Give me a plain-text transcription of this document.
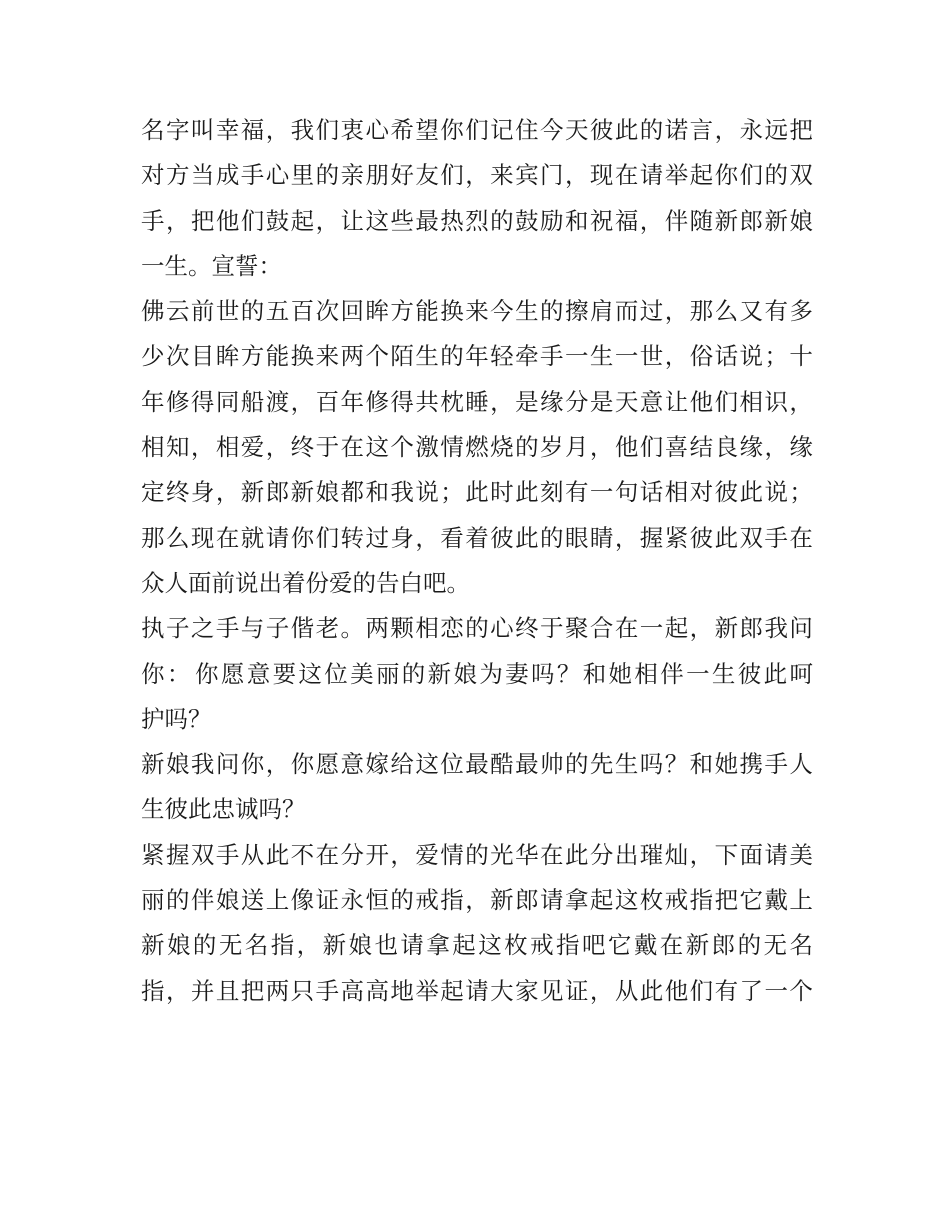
名 字 叫 幸 福 ， 我 们 衷 心 希 望 你 们 记 住 今 天 彼 此 的 诺 言 ， 永 远 把
对 方 当 成 手 心 里 的 亲 朋 好 友 们 ， 来 宾 门 ， 现 在 请 举 起 你 们 的 双
手 ， 把 他 们 鼓 起 ， 让 这 些 最 热 烈 的 鼓 励 和 祝 福 ， 伴 随 新 郎 新 娘
一生。宣誓：
佛 云 前 世 的 五 百 次 回 眸 方 能 换 来 今 生 的 擦 肩 而 过 ， 那 么 又 有 多
少 次 目 眸 方 能 换 来 两 个 陌 生 的 年 轻 牵 手 一 生 一 世 ， 俗 话 说 ； 十
年 修 得 同 船 渡 ， 百 年 修 得 共 枕 睡 ， 是 缘 分 是 天 意 让 他 们 相 识 ，
相 知 ， 相 爱 ， 终 于 在 这 个 激 情 燃 烧 的 岁 月 ， 他 们 喜 结 良 缘 ， 缘
定 终 身 ， 新 郎 新 娘 都 和 我 说 ； 此 时 此 刻 有 一 句 话 相 对 彼 此 说 ；
那 么 现 在 就 请 你 们 转 过 身 ， 看 着 彼 此 的 眼 睛 ， 握 紧 彼 此 双 手 在
众人面前说出着份爱的告白吧。
执 子 之 手 与 子 偕 老 。 两 颗 相 恋 的 心 终 于 聚 合 在 一 起 ， 新 郎 我 问
你 ： 你 愿 意 要 这 位 美 丽 的 新 娘 为 妻 吗 ？ 和 她 相 伴 一 生 彼 此 呵
护吗？
新 娘 我 问 你 ， 你 愿 意 嫁 给 这 位 最 酷 最 帅 的 先 生 吗 ？ 和 她 携 手 人
生彼此忠诚吗？
紧 握 双 手 从 此 不 在 分 开 ， 爱 情 的 光 华 在 此 分 出 璀 灿 ， 下 面 请 美
丽 的 伴 娘 送 上 像 证 永 恒 的 戒 指 ， 新 郎 请 拿 起 这 枚 戒 指 把 它 戴 上
新 娘 的 无 名 指 ， 新 娘 也 请 拿 起 这 枚 戒 指 吧 它 戴 在 新 郎 的 无 名
指 ， 并 且 把 两 只 手 高 高 地 举 起 请 大 家 见 证 ， 从 此 他 们 有 了 一 个
